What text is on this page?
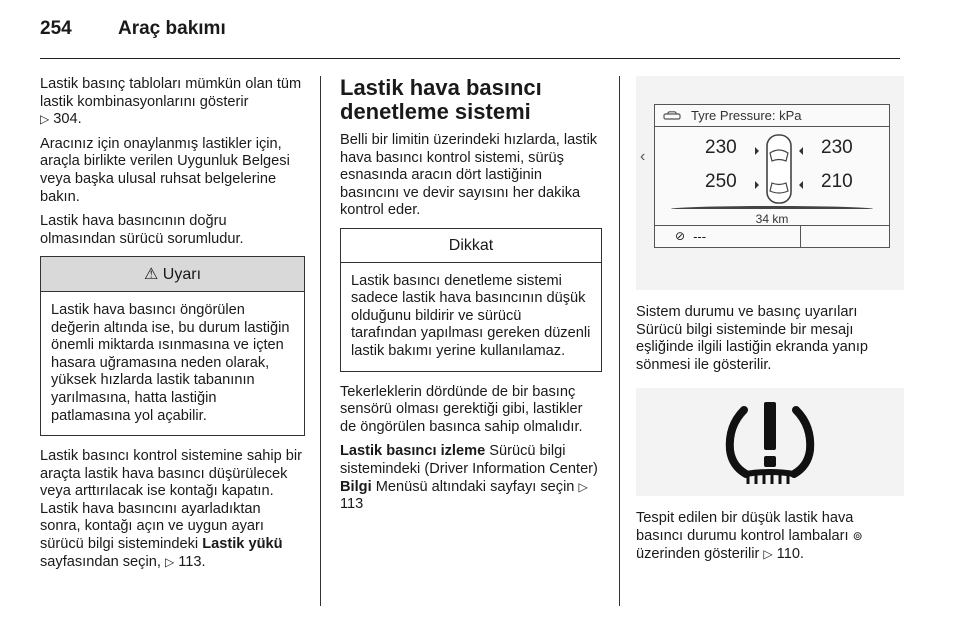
254	Araç bakımı

Lastik basınç tabloları mümkün olan tüm lastik kombinasyonlarını gösterir
▷ 304.

Aracınız için onaylanmış lastikler için, araçla birlikte verilen Uygunluk Belgesi veya başka ulusal ruhsat belgelerine bakın.

Lastik hava basıncının doğru olmasından sürücü sorumludur.

⚠ Uyarı
Lastik hava basıncı öngörülen değerin altında ise, bu durum lastiğin önemli miktarda ısınmasına ve içten hasara uğramasına neden olarak, yüksek hızlarda lastik tabanının yarılmasına, hatta lastiğin patlamasına yol açabilir.

Lastik basıncı kontrol sistemine sahip bir araçta lastik hava basıncı düşürülecek veya arttırılacak ise kontağı kapatın. Lastik hava basıncını ayarladıktan sonra, kontağı açın ve uygun ayarı sürücü bilgi sistemindeki Lastik yükü sayfasından seçin, ▷ 113.

Lastik hava basıncı denetleme sistemi

Belli bir limitin üzerindeki hızlarda, lastik hava basıncı kontrol sistemi, sürüş esnasında aracın dört lastiğinin basıncını ve devir sayısını her dakika kontrol eder.

Dikkat
Lastik basıncı denetleme sistemi sadece lastik hava basıncının düşük olduğunu bildirir ve sürücü tarafından yapılması gereken düzenli lastik bakımı yerine kullanılamaz.

Tekerleklerin dördünde de bir basınç sensörü olması gerektiği gibi, lastikler de öngörülen basınca sahip olmalıdır.

Lastik basıncı izleme Sürücü bilgi sistemindeki (Driver Information Center) Bilgi Menüsü altındaki sayfayı seçin ▷ 113

‹
Tyre Pressure: kPa
230
250
230
210
34 km
⊘ ---

Sistem durumu ve basınç uyarıları Sürücü bilgi sisteminde bir mesajı eşliğinde ilgili lastiğin ekranda yanıp sönmesi ile gösterilir.

Tespit edilen bir düşük lastik hava basıncı durumu kontrol lambaları ⊚ üzerinden gösterilir ▷ 110.
